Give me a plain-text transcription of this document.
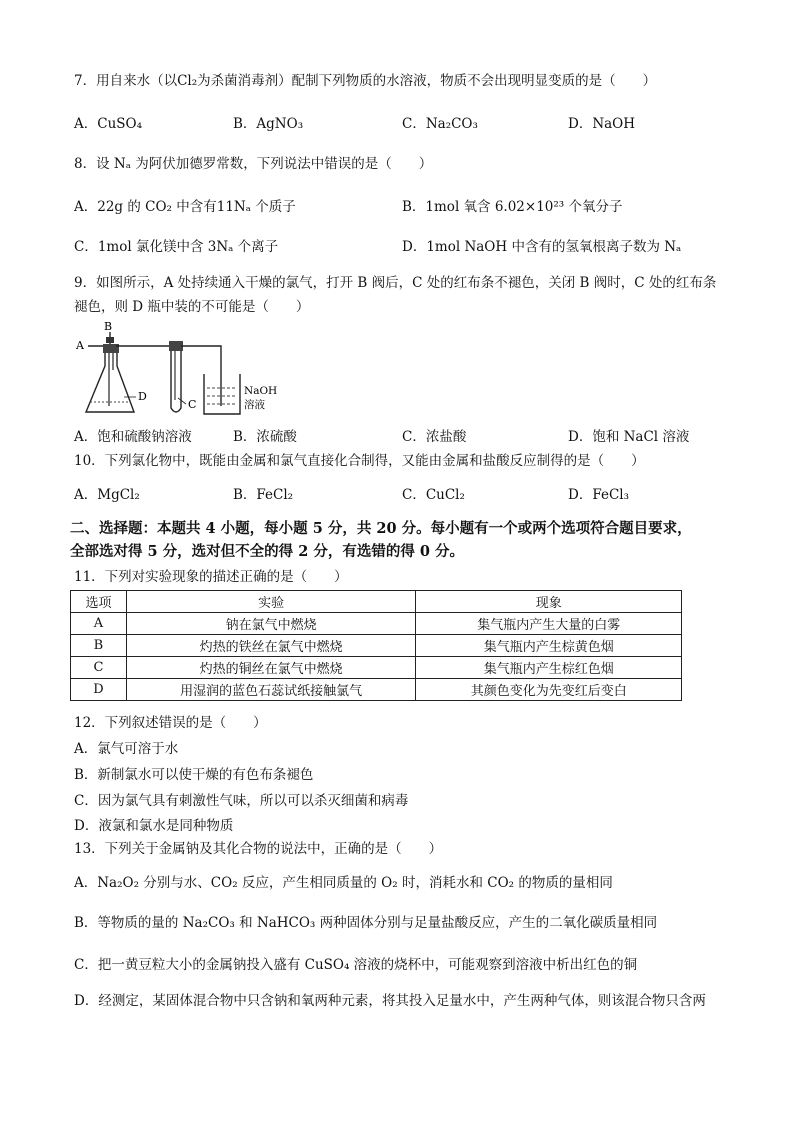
7．用自来水（以Cl₂为杀菌消毒剂）配制下列物质的水溶液，物质不会出现明显变质的是（　　）
A．CuSO₄	B．AgNO₃	C．Na₂CO₃	D．NaOH
8．设 Nₐ 为阿伏加德罗常数，下列说法中错误的是（　　）
A．22g 的 CO₂ 中含有11Nₐ 个质子	B．1mol 氧含 6.02×10²³ 个氧分子
C．1mol 氯化镁中含 3Nₐ 个离子	D．1mol NaOH 中含有的氢氧根离子数为 Nₐ
9．如图所示，A 处持续通入干燥的氯气，打开 B 阀后，C 处的红布条不褪色，关闭 B 阀时，C 处的红布条
褪色，则 D 瓶中装的不可能是（　　）
A
B
D
C
NaOH
溶液
A．饱和硫酸钠溶液	B．浓硫酸	C．浓盐酸	D．饱和 NaCl 溶液
10．下列氯化物中，既能由金属和氯气直接化合制得，又能由金属和盐酸反应制得的是（　　）
A．MgCl₂	B．FeCl₂	C．CuCl₂	D．FeCl₃
二、选择题：本题共 4 小题，每小题 5 分，共 20 分。每小题有一个或两个选项符合题目要求，
全部选对得 5 分，选对但不全的得 2 分，有选错的得 0 分。
11．下列对实验现象的描述正确的是（　　）
选项	实验	现象
A	钠在氯气中燃烧	集气瓶内产生大量的白雾
B	灼热的铁丝在氯气中燃烧	集气瓶内产生棕黄色烟
C	灼热的铜丝在氯气中燃烧	集气瓶内产生棕红色烟
D	用湿润的蓝色石蕊试纸接触氯气	其颜色变化为先变红后变白
12．下列叙述错误的是（　　）
A．氯气可溶于水
B．新制氯水可以使干燥的有色布条褪色
C．因为氯气具有刺激性气味，所以可以杀灭细菌和病毒
D．液氯和氯水是同种物质
13．下列关于金属钠及其化合物的说法中，正确的是（　　）
A．Na₂O₂ 分别与水、CO₂ 反应，产生相同质量的 O₂ 时，消耗水和 CO₂ 的物质的量相同
B．等物质的量的 Na₂CO₃ 和 NaHCO₃ 两种固体分别与足量盐酸反应，产生的二氧化碳质量相同
C．把一黄豆粒大小的金属钠投入盛有 CuSO₄ 溶液的烧杯中，可能观察到溶液中析出红色的铜
D．经测定，某固体混合物中只含钠和氧两种元素，将其投入足量水中，产生两种气体，则该混合物只含两
